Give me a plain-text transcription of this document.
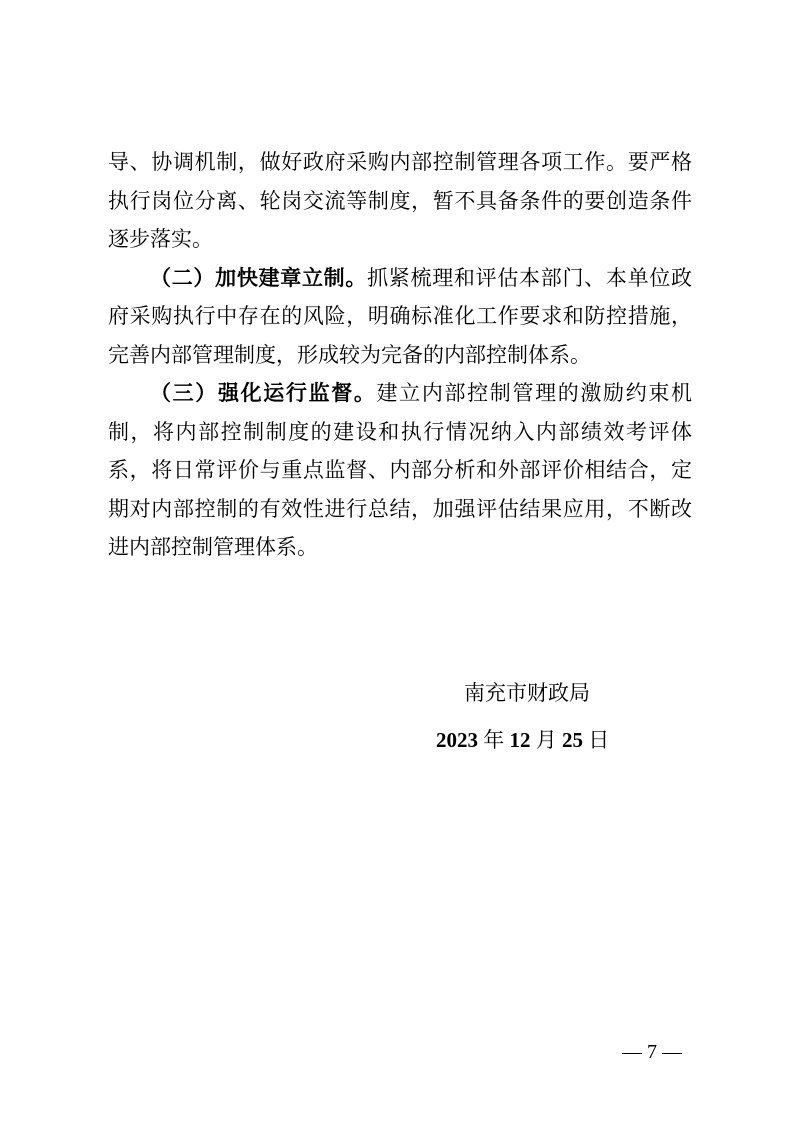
导、协调机制，做好政府采购内部控制管理各项工作。要严格执行岗位分离、轮岗交流等制度，暂不具备条件的要创造条件逐步落实。

（二）加快建章立制。抓紧梳理和评估本部门、本单位政府采购执行中存在的风险，明确标准化工作要求和防控措施，完善内部管理制度，形成较为完备的内部控制体系。

（三）强化运行监督。建立内部控制管理的激励约束机制，将内部控制制度的建设和执行情况纳入内部绩效考评体系，将日常评价与重点监督、内部分析和外部评价相结合，定期对内部控制的有效性进行总结，加强评估结果应用，不断改进内部控制管理体系。

南充市财政局
2023 年 12 月 25 日
— 7 —
